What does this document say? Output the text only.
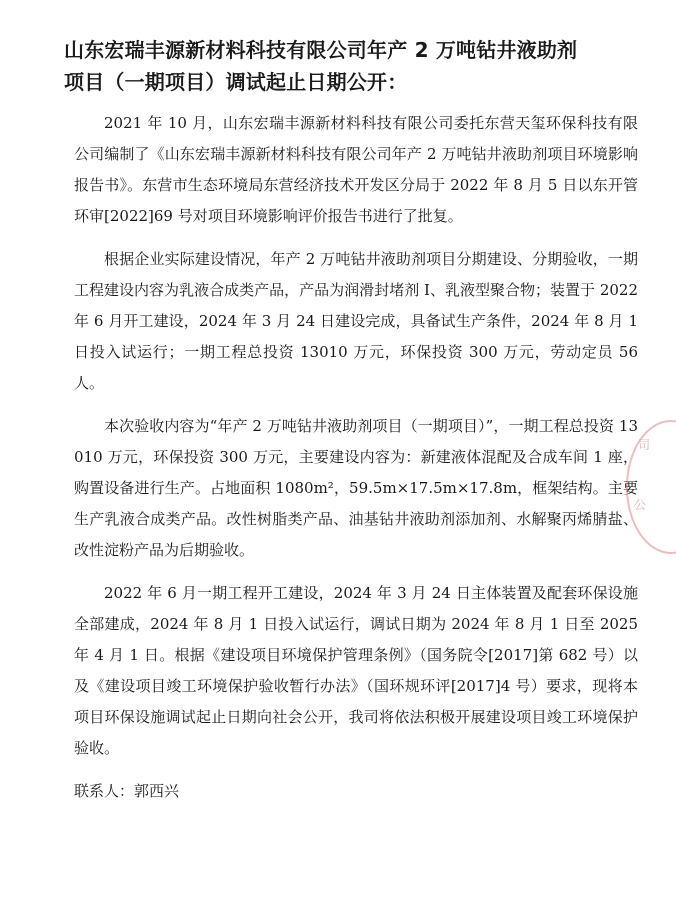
山东宏瑞丰源新材料科技有限公司年产 2 万吨钻井液助剂
项目（一期项目）调试起止日期公开：

2021 年 10 月，山东宏瑞丰源新材料科技有限公司委托东营天玺环保科技有限公司编制了《山东宏瑞丰源新材料科技有限公司年产 2 万吨钻井液助剂项目环境影响报告书》。东营市生态环境局东营经济技术开发区分局于 2022 年 8 月 5 日以东开管环审[2022]69 号对项目环境影响评价报告书进行了批复。

根据企业实际建设情况，年产 2 万吨钻井液助剂项目分期建设、分期验收，一期工程建设内容为乳液合成类产品，产品为润滑封堵剂 I、乳液型聚合物；装置于 2022 年 6 月开工建设，2024 年 3 月 24 日建设完成，具备试生产条件，2024 年 8 月 1 日投入试运行；一期工程总投资 13010 万元，环保投资 300 万元，劳动定员 56 人。

本次验收内容为“年产 2 万吨钻井液助剂项目（一期项目）”，一期工程总投资 13010 万元，环保投资 300 万元，主要建设内容为：新建液体混配及合成车间 1 座，购置设备进行生产。占地面积 1080m²，59.5m×17.5m×17.8m，框架结构。主要生产乳液合成类产品。改性树脂类产品、油基钻井液助剂添加剂、水解聚丙烯腈盐、改性淀粉产品为后期验收。

2022 年 6 月一期工程开工建设，2024 年 3 月 24 日主体装置及配套环保设施全部建成，2024 年 8 月 1 日投入试运行，调试日期为 2024 年 8 月 1 日至 2025 年 4 月 1 日。根据《建设项目环境保护管理条例》（国务院令[2017]第 682 号）以及《建设项目竣工环境保护验收暂行办法》（国环规环评[2017]4 号）要求，现将本项目环保设施调试起止日期向社会公开，我司将依法积极开展建设项目竣工环境保护验收。

联系人：郭西兴
司
公
